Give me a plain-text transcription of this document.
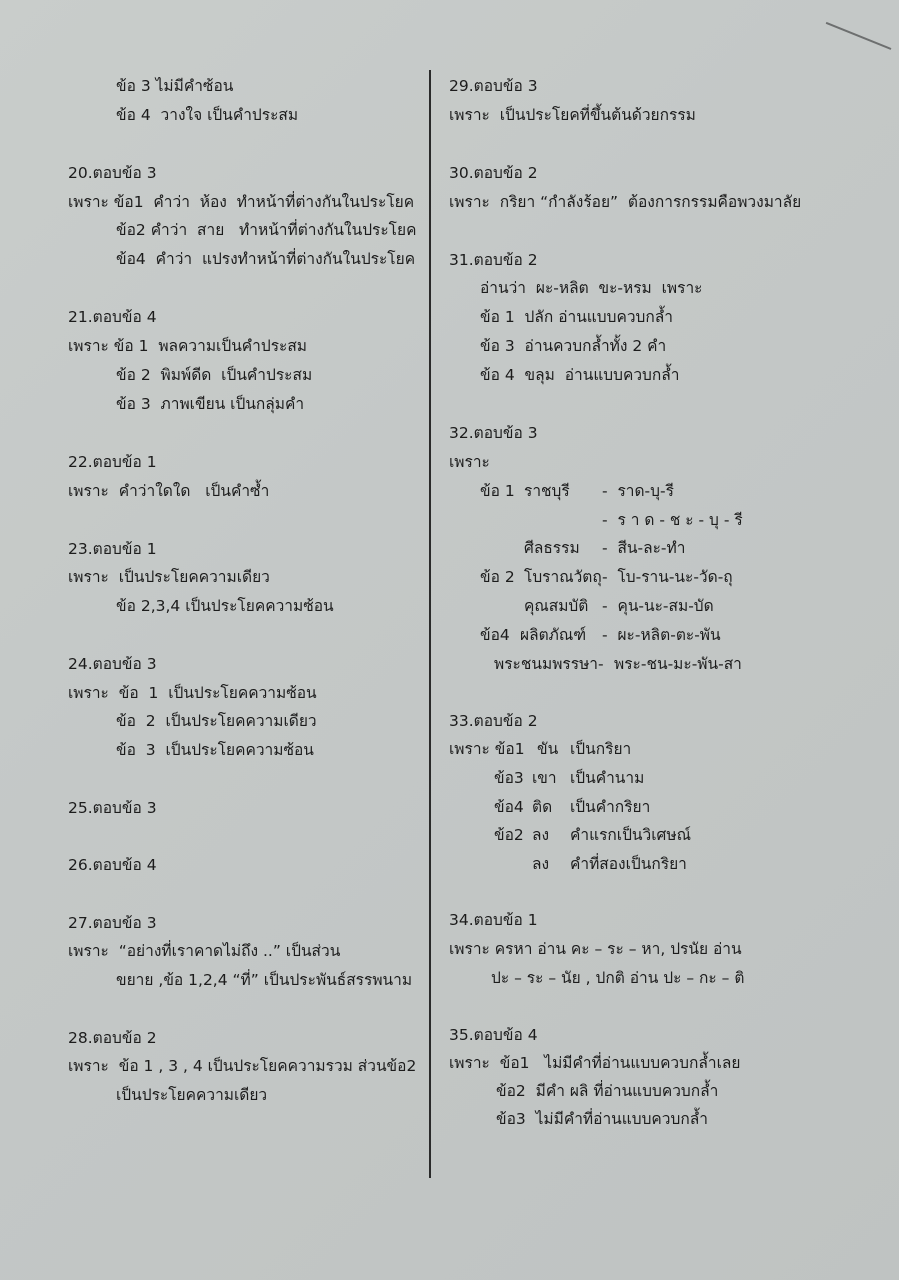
ข้อ 3 ไม่มีคำซ้อน
ข้อ 4  วางใจ เป็นคำประสม
20.ตอบข้อ 3
เพราะ ข้อ1  คำว่า  ห้อง  ทำหน้าที่ต่างกันในประโยค
ข้อ2 คำว่า  สาย   ทำหน้าที่ต่างกันในประโยค
ข้อ4  คำว่า  แปรงทำหน้าที่ต่างกันในประโยค
21.ตอบข้อ 4
เพราะ ข้อ 1  พลความเป็นคำประสม
ข้อ 2  พิมพ์ดีด  เป็นคำประสม
ข้อ 3  ภาพเขียน เป็นกลุ่มคำ
22.ตอบข้อ 1
เพราะ  คำว่าใดใด   เป็นคำซ้ำ
23.ตอบข้อ 1
เพราะ  เป็นประโยคความเดียว
ข้อ 2,3,4 เป็นประโยคความซ้อน
24.ตอบข้อ 3
เพราะ  ข้อ  1  เป็นประโยคความซ้อน
ข้อ  2  เป็นประโยคความเดียว
ข้อ  3  เป็นประโยคความซ้อน
25.ตอบข้อ 3
26.ตอบข้อ 4
27.ตอบข้อ 3
เพราะ  “อย่างที่เราคาดไม่ถึง ..” เป็นส่วน
ขยาย ,ข้อ 1,2,4 “ที่” เป็นประพันธ์สรรพนาม
28.ตอบข้อ 2
เพราะ  ข้อ 1 , 3 , 4 เป็นประโยคความรวม ส่วนข้อ2
เป็นประโยคความเดียว
29.ตอบข้อ 3
เพราะ  เป็นประโยคที่ขึ้นต้นด้วยกรรม
30.ตอบข้อ 2
เพราะ  กริยา “กำลังร้อย”  ต้องการกรรมคือพวงมาลัย
31.ตอบข้อ 2
อ่านว่า  ผะ-หลิต  ขะ-หรม  เพราะ
ข้อ 1  ปลัก อ่านแบบควบกล้ำ
ข้อ 3  อ่านควบกล้ำทั้ง 2 คำ
ข้อ 4  ขลุม  อ่านแบบควบกล้ำ
32.ตอบข้อ 3
เพราะ
ข้อ 1 ราชบุรี -  ราด-บุ-รี
-  ร า ด - ช ะ - บุ - รี
ศีลธรรม -  สีน-ละ-ทำ
ข้อ 2 โบราณวัตถุ -  โบ-ราน-นะ-วัด-ถุ
คุณสมบัติ -  คุน-นะ-สม-บัด
ข้อ4 ผลิตภัณฑ์ -  ผะ-หลิต-ตะ-พัน
พระชนมพรรษา- พระ-ชน-มะ-พัน-สา
33.ตอบข้อ 2
เพราะ ข้อ1 ขัน เป็นกริยา
ข้อ3 เขา เป็นคำนาม
ข้อ4 ติด เป็นคำกริยา
ข้อ2 ลง คำแรกเป็นวิเศษณ์
ลง คำที่สองเป็นกริยา
34.ตอบข้อ 1
เพราะ ครหา อ่าน คะ – ระ – หา, ปรนัย อ่าน
ปะ – ระ – นัย , ปกติ อ่าน ปะ – กะ – ติ
35.ตอบข้อ 4
เพราะ  ข้อ1   ไม่มีคำที่อ่านแบบควบกล้ำเลย
ข้อ2  มีคำ ผลิ ที่อ่านแบบควบกล้ำ
ข้อ3  ไม่มีคำที่อ่านแบบควบกล้ำ
